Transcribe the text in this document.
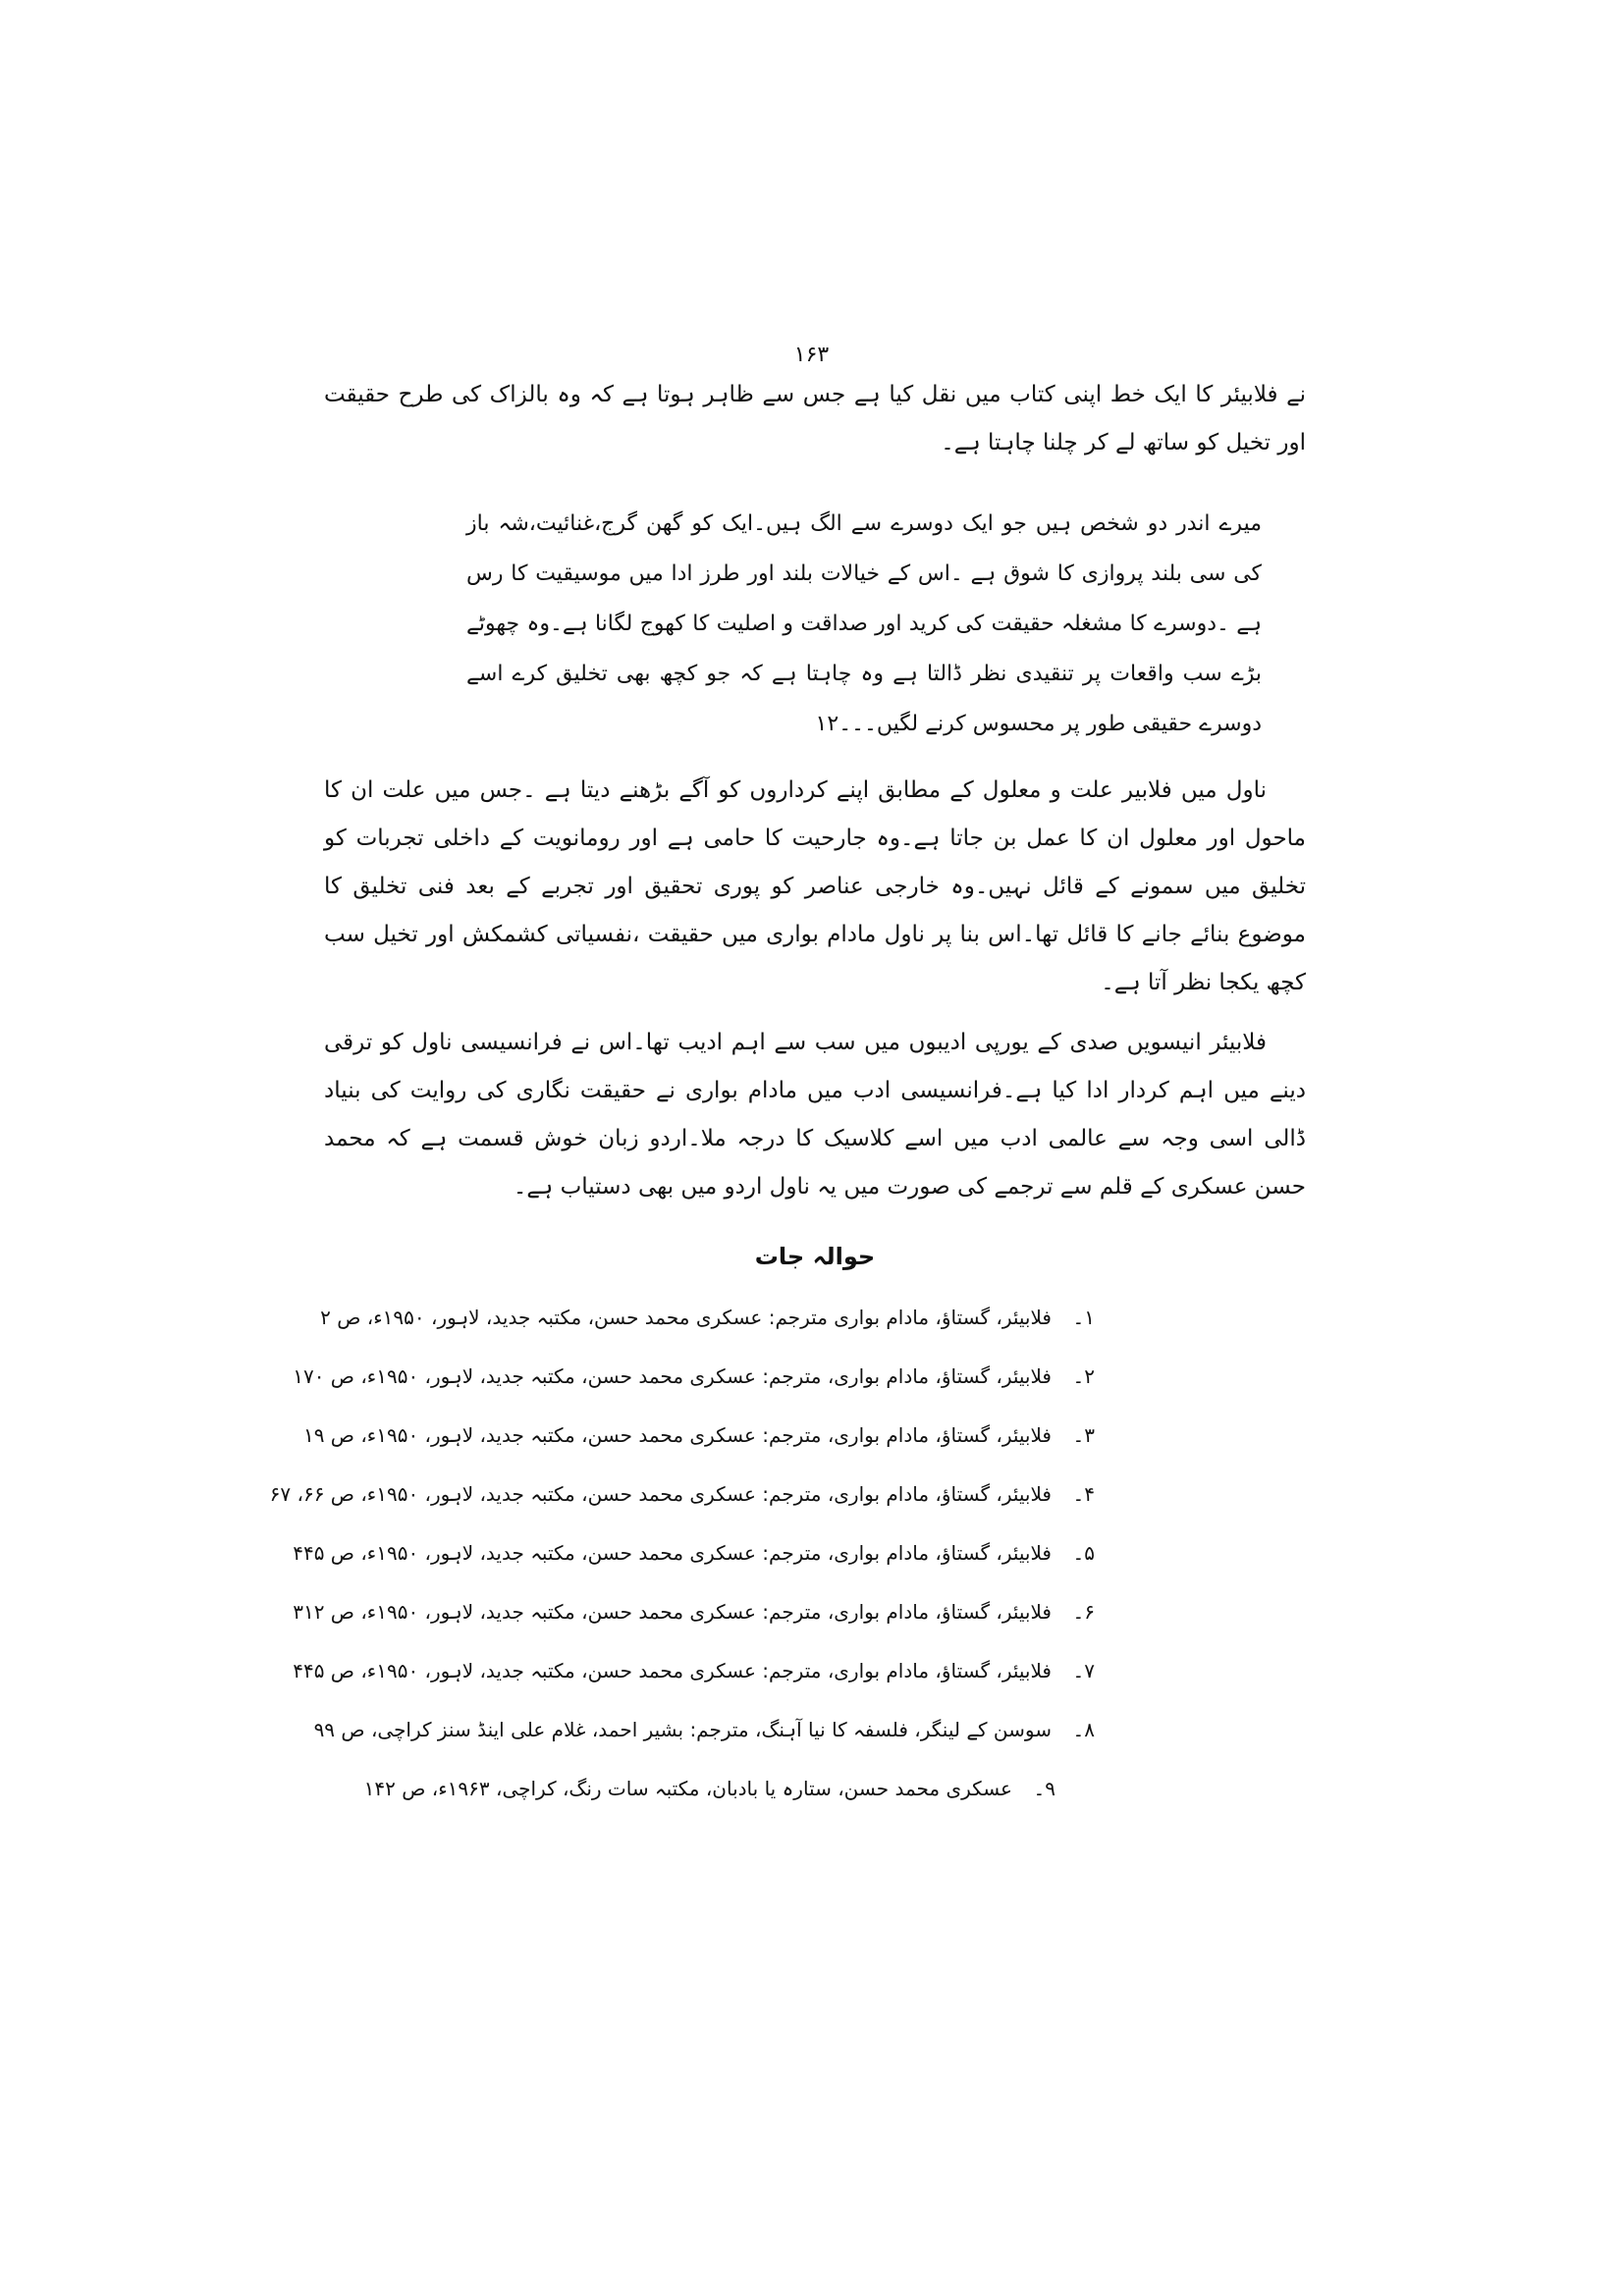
۱۶۳

نے فلابیئر کا ایک خط اپنی کتاب میں نقل کیا ہے جس سے ظاہر ہوتا ہے کہ وہ بالزاک کی طرح حقیقت اور تخیل کو ساتھ لے کر چلنا چاہتا ہے۔

میرے اندر دو شخص ہیں جو ایک دوسرے سے الگ ہیں۔ایک کو گھن گرج،غنائیت،شہ باز کی سی بلند پروازی کا شوق ہے ۔اس کے خیالات بلند اور طرز ادا میں موسیقیت کا رس ہے ۔دوسرے کا مشغلہ حقیقت کی کرید اور صداقت و اصلیت کا کھوج لگانا ہے۔وہ چھوٹے بڑے سب واقعات پر تنقیدی نظر ڈالتا ہے وہ چاہتا ہے کہ جو کچھ بھی تخلیق کرے اسے دوسرے حقیقی طور پر محسوس کرنے لگیں۔۔۔۱۲

ناول میں فلابیر علت و معلول کے مطابق اپنے کرداروں کو آگے بڑھنے دیتا ہے ۔جس میں علت ان کا ماحول اور معلول ان کا عمل بن جاتا ہے۔وہ جارحیت کا حامی ہے اور رومانویت کے داخلی تجربات کو تخلیق میں سمونے کے قائل نہیں۔وہ خارجی عناصر کو پوری تحقیق اور تجربے کے بعد فنی تخلیق کا موضوع بنائے جانے کا قائل تھا۔اس بنا پر ناول مادام بواری میں حقیقت ،نفسیاتی کشمکش اور تخیل سب کچھ یکجا نظر آتا ہے۔

فلابیئر انیسویں صدی کے یورپی ادیبوں میں سب سے اہم ادیب تھا۔اس نے فرانسیسی ناول کو ترقی دینے میں اہم کردار ادا کیا ہے۔فرانسیسی ادب میں مادام بواری نے حقیقت نگاری کی روایت کی بنیاد ڈالی اسی وجہ سے عالمی ادب میں اسے کلاسیک کا درجہ ملا۔اردو زبان خوش قسمت ہے کہ محمد حسن عسکری کے قلم سے ترجمے کی صورت میں یہ ناول اردو میں بھی دستیاب ہے۔

حوالہ جات
۱۔
فلابیئر، گستاؤ، مادام بواری مترجم: عسکری محمد حسن، مکتبہ جدید، لاہور، ۱۹۵۰ء، ص ۲
۲۔
فلابیئر، گستاؤ، مادام بواری، مترجم: عسکری محمد حسن، مکتبہ جدید، لاہور، ۱۹۵۰ء، ص ۱۷۰
۳۔
فلابیئر، گستاؤ، مادام بواری، مترجم: عسکری محمد حسن، مکتبہ جدید، لاہور، ۱۹۵۰ء، ص ۱۹
۴۔
فلابیئر، گستاؤ، مادام بواری، مترجم: عسکری محمد حسن، مکتبہ جدید، لاہور، ۱۹۵۰ء، ص ۶۶، ۶۷
۵۔
فلابیئر، گستاؤ، مادام بواری، مترجم: عسکری محمد حسن، مکتبہ جدید، لاہور، ۱۹۵۰ء، ص ۴۴۵
۶۔
فلابیئر، گستاؤ، مادام بواری، مترجم: عسکری محمد حسن، مکتبہ جدید، لاہور، ۱۹۵۰ء، ص ۳۱۲
۷۔
فلابیئر، گستاؤ، مادام بواری، مترجم: عسکری محمد حسن، مکتبہ جدید، لاہور، ۱۹۵۰ء، ص ۴۴۵
۸۔
سوسن کے لینگر، فلسفہ کا نیا آہنگ، مترجم: بشیر احمد، غلام علی اینڈ سنز کراچی، ص ۹۹
۹۔
عسکری محمد حسن، ستارہ یا بادبان، مکتبہ سات رنگ، کراچی، ۱۹۶۳ء، ص ۱۴۲
